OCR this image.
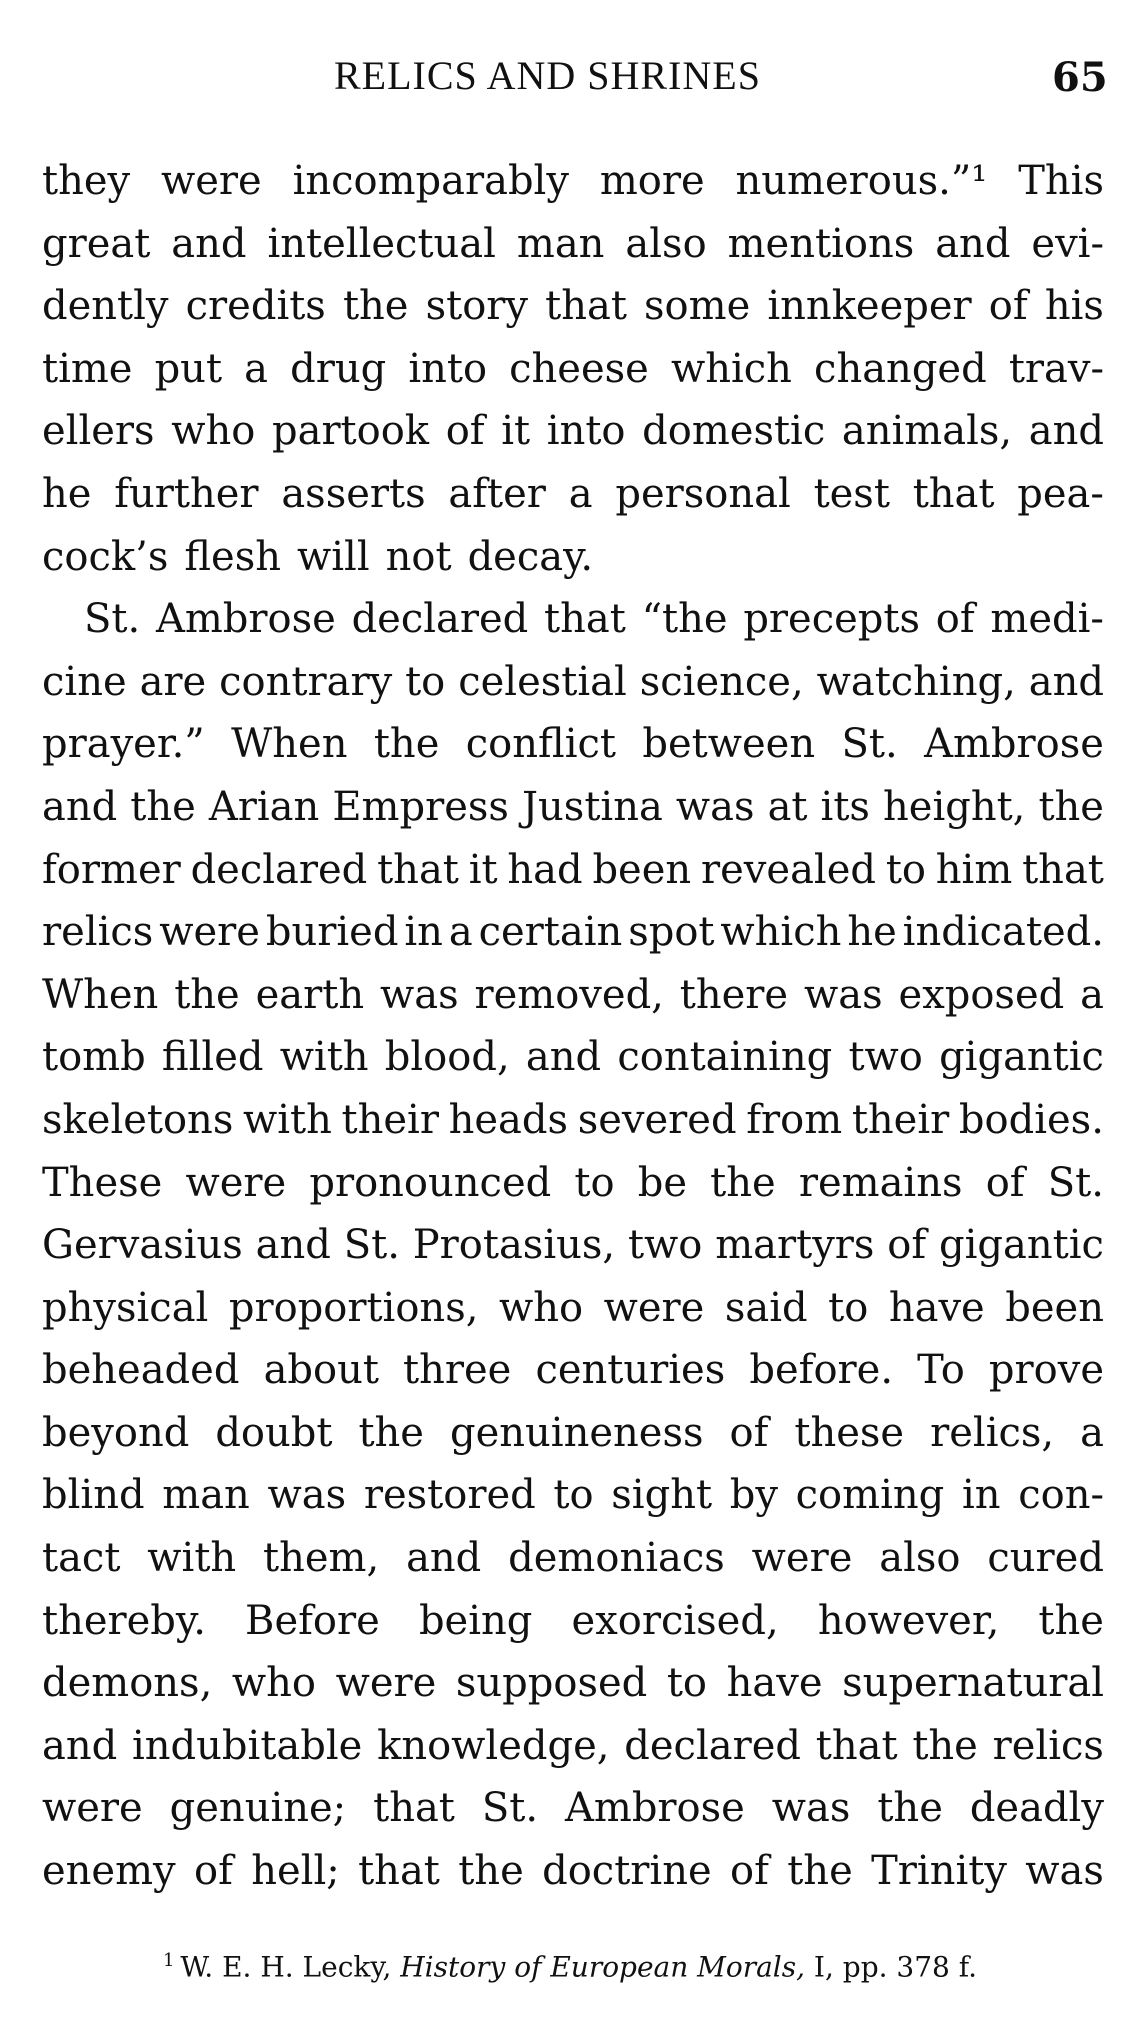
RELICS AND SHRINES	65
they were incomparably more numerous.”¹ This
great and intellectual man also mentions and evi-
dently credits the story that some innkeeper of his
time put a drug into cheese which changed trav-
ellers who partook of it into domestic animals, and
he further asserts after a personal test that pea-
cock’s flesh will not decay.
St. Ambrose declared that “the precepts of medi-
cine are contrary to celestial science, watching, and
prayer.” When the conflict between St. Ambrose
and the Arian Empress Justina was at its height, the
former declared that it had been revealed to him that
relics were buried in a certain spot which he indicated.
When the earth was removed, there was exposed a
tomb filled with blood, and containing two gigantic
skeletons with their heads severed from their bodies.
These were pronounced to be the remains of St.
Gervasius and St. Protasius, two martyrs of gigantic
physical proportions, who were said to have been
beheaded about three centuries before. To prove
beyond doubt the genuineness of these relics, a
blind man was restored to sight by coming in con-
tact with them, and demoniacs were also cured
thereby. Before being exorcised, however, the
demons, who were supposed to have supernatural
and indubitable knowledge, declared that the relics
were genuine; that St. Ambrose was the deadly
enemy of hell; that the doctrine of the Trinity was
$^1$ W. E. H. Lecky, History of European Morals, I, pp. 378 f.
